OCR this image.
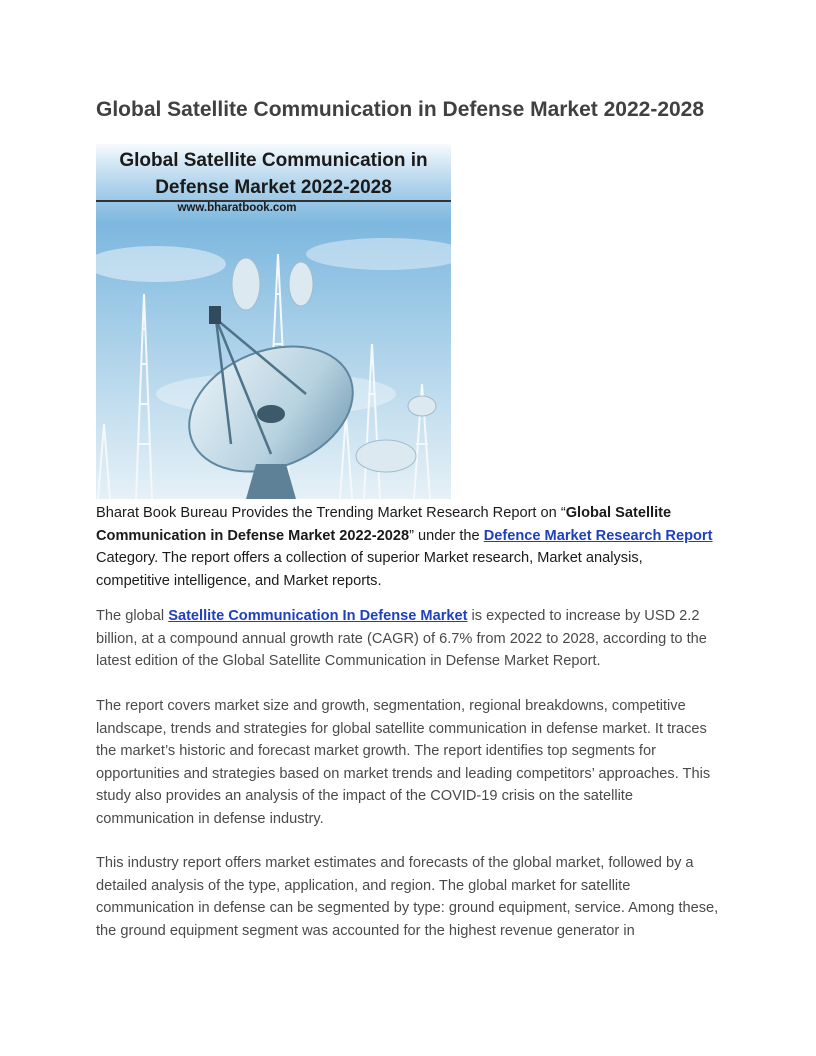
Global Satellite Communication in Defense Market 2022-2028
Global Satellite Communication in
Defense Market 2022-2028
www.bharatbook.com

Bharat Book Bureau Provides the Trending Market Research Report on “Global Satellite Communication in Defense Market 2022-2028” under the Defence Market Research Report Category. The report offers a collection of superior Market research, Market analysis, competitive intelligence, and Market reports.

The global Satellite Communication In Defense Market is expected to increase by USD 2.2 billion, at a compound annual growth rate (CAGR) of 6.7% from 2022 to 2028, according to the latest edition of the Global Satellite Communication in Defense Market Report.

The report covers market size and growth, segmentation, regional breakdowns, competitive landscape, trends and strategies for global satellite communication in defense market. It traces the market’s historic and forecast market growth. The report identifies top segments for opportunities and strategies based on market trends and leading competitors’ approaches. This study also provides an analysis of the impact of the COVID-19 crisis on the satellite communication in defense industry.

This industry report offers market estimates and forecasts of the global market, followed by a detailed analysis of the type, application, and region. The global market for satellite communication in defense can be segmented by type: ground equipment, service. Among these, the ground equipment segment was accounted for the highest revenue generator in
